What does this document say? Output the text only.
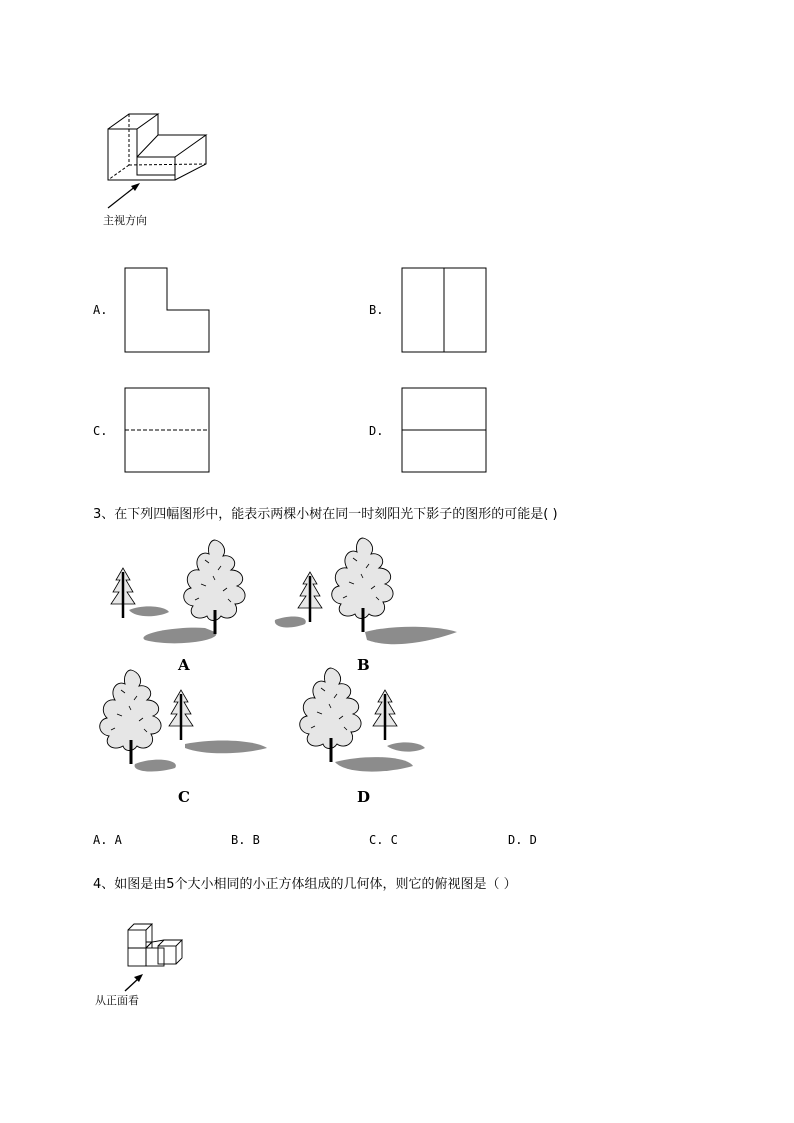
主视方向
A.	B.
C.	D.
3、在下列四幅图形中，能表示两棵小树在同一时刻阳光下影子的图形的可能是( )
A	B
C	D
A. A	B. B	C. C	D. D
4、如图是由5个大小相同的小正方体组成的几何体，则它的俯视图是（ ）
从正面看
